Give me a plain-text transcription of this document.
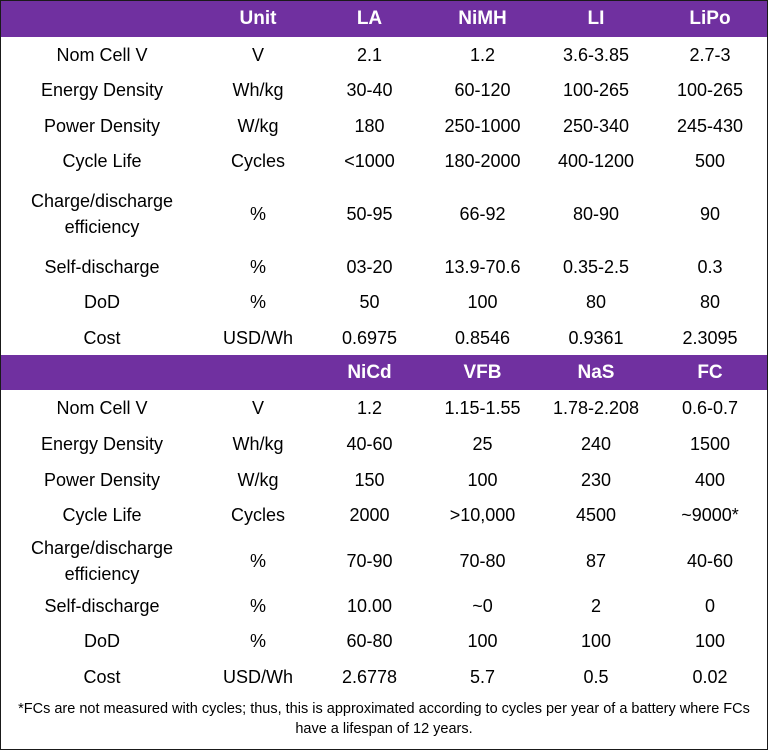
	Unit	LA	NiMH	LI	LiPo
Nom Cell V	V	2.1	1.2	3.6-3.85	2.7-3
Energy Density	Wh/kg	30-40	60-120	100-265	100-265
Power Density	W/kg	180	250-1000	250-340	245-430
Cycle Life	Cycles	<1000	180-2000	400-1200	500
Charge/discharge efficiency	%	50-95	66-92	80-90	90
Self-discharge	%	03-20	13.9-70.6	0.35-2.5	0.3
DoD	%	50	100	80	80
Cost	USD/Wh	0.6975	0.8546	0.9361	2.3095
		NiCd	VFB	NaS	FC
Nom Cell V	V	1.2	1.15-1.55	1.78-2.208	0.6-0.7
Energy Density	Wh/kg	40-60	25	240	1500
Power Density	W/kg	150	100	230	400
Cycle Life	Cycles	2000	>10,000	4500	~9000*
Charge/discharge efficiency	%	70-90	70-80	87	40-60
Self-discharge	%	10.00	~0	2	0
DoD	%	60-80	100	100	100
Cost	USD/Wh	2.6778	5.7	0.5	0.02
*FCs are not measured with cycles; thus, this is approximated according to cycles per year of a battery where FCs have a lifespan of 12 years.
